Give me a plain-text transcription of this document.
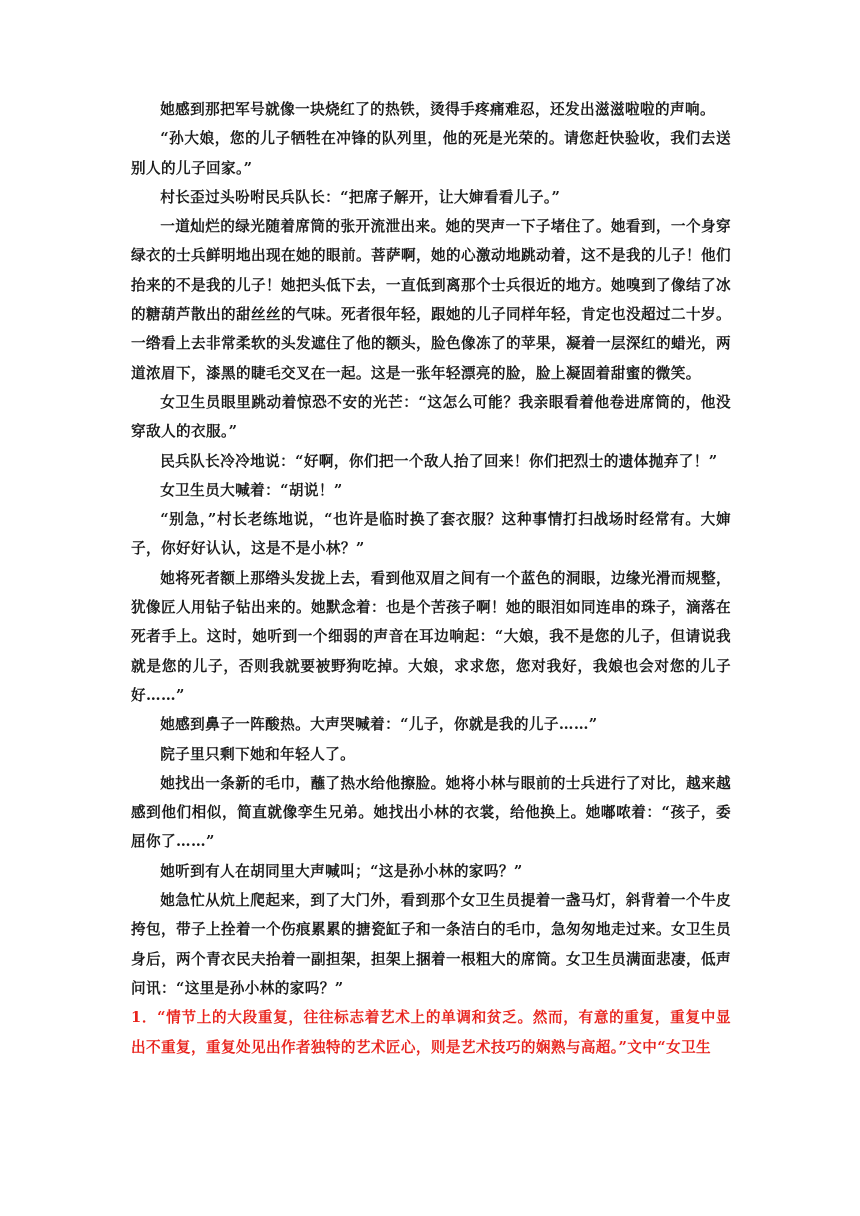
她感到那把军号就像一块烧红了的热铁，烫得手疼痛难忍，还发出滋滋啦啦的声响。

“孙大娘，您的儿子牺牲在冲锋的队列里，他的死是光荣的。请您赶快验收，我们去送别人的儿子回家。”

村长歪过头吩咐民兵队长：“把席子解开，让大婶看看儿子。”

一道灿烂的绿光随着席筒的张开流泄出来。她的哭声一下子堵住了。她看到，一个身穿绿衣的士兵鲜明地出现在她的眼前。菩萨啊，她的心激动地跳动着，这不是我的儿子！他们抬来的不是我的儿子！她把头低下去，一直低到离那个士兵很近的地方。她嗅到了像结了冰的糖葫芦散出的甜丝丝的气味。死者很年轻，跟她的儿子同样年轻，肯定也没超过二十岁。一绺看上去非常柔软的头发遮住了他的额头，脸色像冻了的苹果，凝着一层深红的蜡光，两道浓眉下，漆黑的睫毛交叉在一起。这是一张年轻漂亮的脸，脸上凝固着甜蜜的微笑。

女卫生员眼里跳动着惊恐不安的光芒：“这怎么可能？我亲眼看着他卷进席筒的，他没穿敌人的衣服。”

民兵队长冷冷地说：“好啊，你们把一个敌人抬了回来！你们把烈士的遗体抛弃了！”

女卫生员大喊着：“胡说！”

“别急，”村长老练地说，“也许是临时换了套衣服？这种事情打扫战场时经常有。大婶子，你好好认认，这是不是小林？”

她将死者额上那绺头发拢上去，看到他双眉之间有一个蓝色的洞眼，边缘光滑而规整，犹像匠人用钻子钻出来的。她默念着：也是个苦孩子啊！她的眼泪如同连串的珠子，滴落在死者手上。这时，她听到一个细弱的声音在耳边响起：“大娘，我不是您的儿子，但请说我就是您的儿子，否则我就要被野狗吃掉。大娘，求求您，您对我好，我娘也会对您的儿子好……”

她感到鼻子一阵酸热。大声哭喊着：“儿子，你就是我的儿子……”

院子里只剩下她和年轻人了。

她找出一条新的毛巾，蘸了热水给他擦脸。她将小林与眼前的士兵进行了对比，越来越感到他们相似，简直就像孪生兄弟。她找出小林的衣裳，给他换上。她嘟哝着：“孩子，委屈你了……”

她听到有人在胡同里大声喊叫；“这是孙小林的家吗？”

她急忙从炕上爬起来，到了大门外，看到那个女卫生员提着一盏马灯，斜背着一个牛皮挎包，带子上拴着一个伤痕累累的搪瓷缸子和一条洁白的毛巾，急匆匆地走过来。女卫生员身后，两个青衣民夫抬着一副担架，担架上捆着一根粗大的席筒。女卫生员满面悲凄，低声问讯：“这里是孙小林的家吗？”

1．“情节上的大段重复，往往标志着艺术上的单调和贫乏。然而，有意的重复，重复中显出不重复，重复处见出作者独特的艺术匠心，则是艺术技巧的娴熟与高超。”文中“女卫生
